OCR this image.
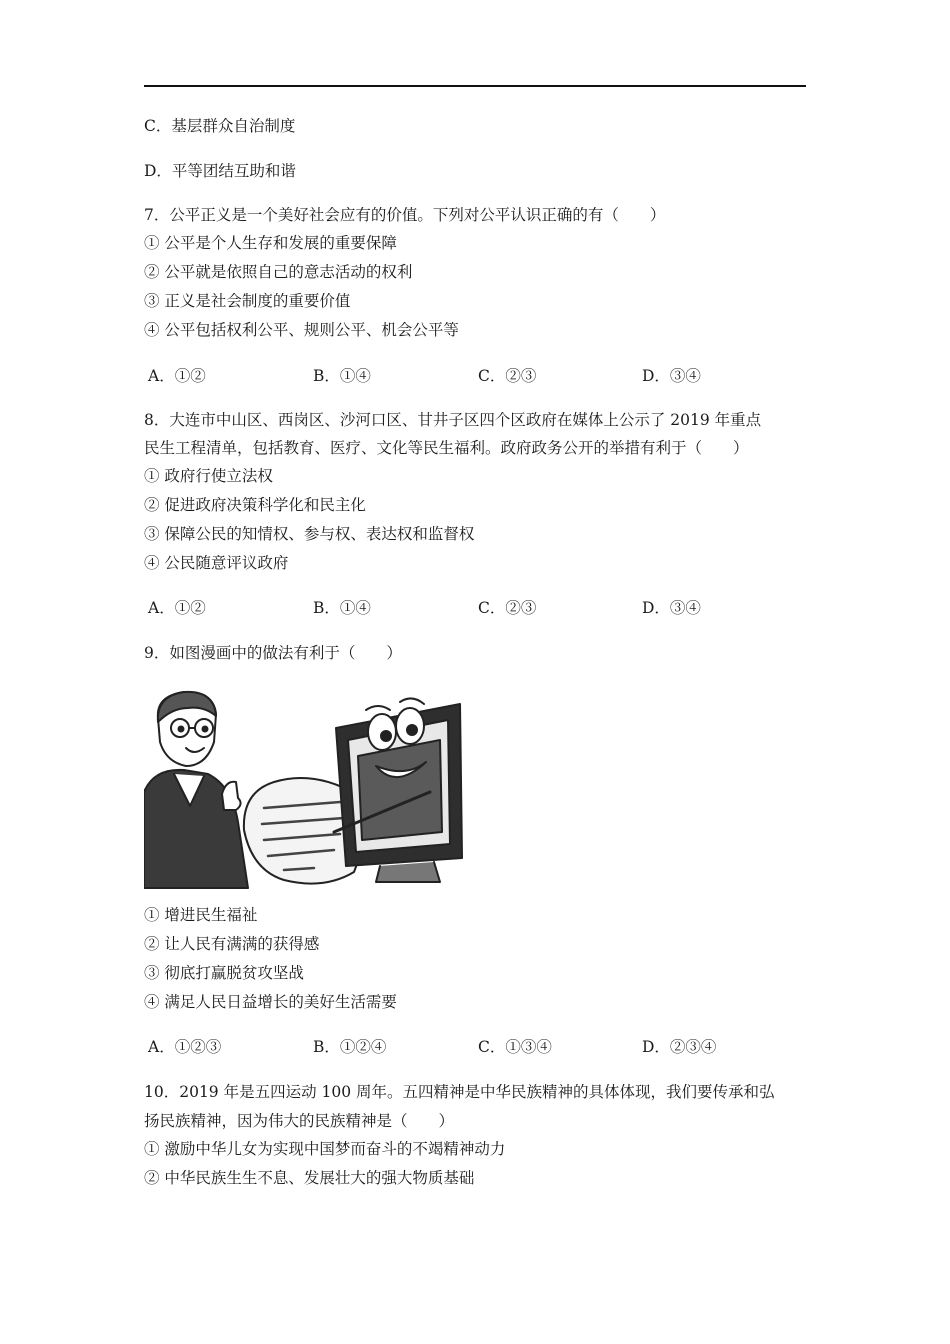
C．基层群众自治制度
D．平等团结互助和谐
7．公平正义是一个美好社会应有的价值。下列对公平认识正确的有（　　）
① 公平是个人生存和发展的重要保障
② 公平就是依照自己的意志活动的权利
③ 正义是社会制度的重要价值
④ 公平包括权利公平、规则公平、机会公平等
A．①②	B．①④	C．②③	D．③④
8．大连市中山区、西岗区、沙河口区、甘井子区四个区政府在媒体上公示了 2019 年重点
民生工程清单，包括教育、医疗、文化等民生福利。政府政务公开的举措有利于（　　）
① 政府行使立法权
② 促进政府决策科学化和民主化
③ 保障公民的知情权、参与权、表达权和监督权
④ 公民随意评议政府
A．①②	B．①④	C．②③	D．③④
9．如图漫画中的做法有利于（　　）
① 增进民生福祉
② 让人民有满满的获得感
③ 彻底打赢脱贫攻坚战
④ 满足人民日益增长的美好生活需要
A．①②③	B．①②④	C．①③④	D．②③④
10．2019 年是五四运动 100 周年。五四精神是中华民族精神的具体体现，我们要传承和弘
扬民族精神，因为伟大的民族精神是（　　）
① 激励中华儿女为实现中国梦而奋斗的不竭精神动力
② 中华民族生生不息、发展壮大的强大物质基础
